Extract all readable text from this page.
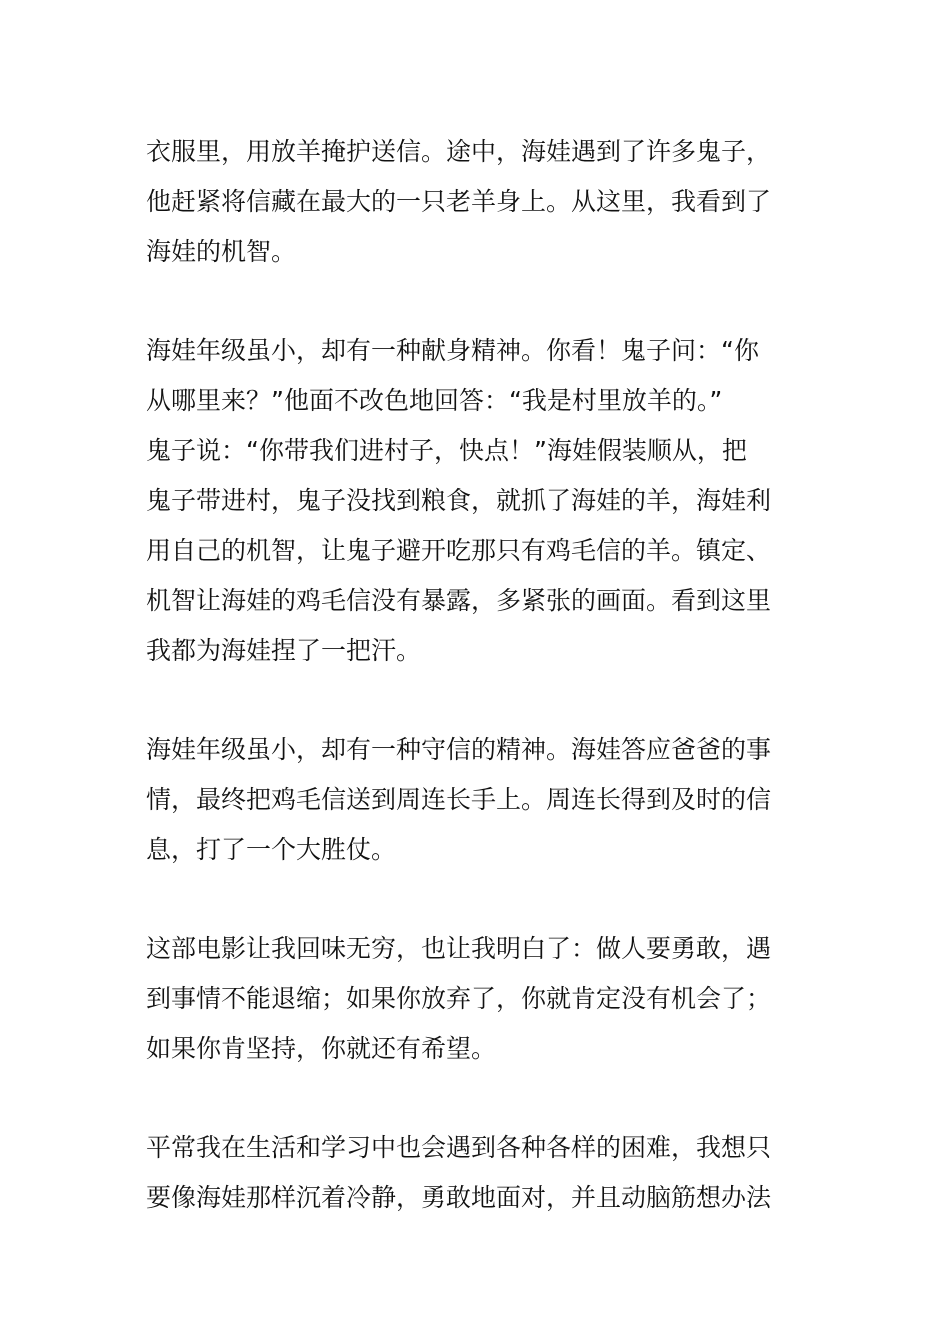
衣服里，用放羊掩护送信。途中，海娃遇到了许多鬼子，
他赶紧将信藏在最大的一只老羊身上。从这里，我看到了
海娃的机智。
海娃年级虽小，却有一种献身精神。你看！鬼子问：“你
从哪里来？”他面不改色地回答：“我是村里放羊的。”
鬼子说：“你带我们进村子，快点！”海娃假装顺从，把
鬼子带进村，鬼子没找到粮食，就抓了海娃的羊，海娃利
用自己的机智，让鬼子避开吃那只有鸡毛信的羊。镇定、
机智让海娃的鸡毛信没有暴露，多紧张的画面。看到这里
我都为海娃捏了一把汗。
海娃年级虽小，却有一种守信的精神。海娃答应爸爸的事
情，最终把鸡毛信送到周连长手上。周连长得到及时的信
息，打了一个大胜仗。
这部电影让我回味无穷，也让我明白了：做人要勇敢，遇
到事情不能退缩；如果你放弃了，你就肯定没有机会了；
如果你肯坚持，你就还有希望。
平常我在生活和学习中也会遇到各种各样的困难，我想只
要像海娃那样沉着冷静，勇敢地面对，并且动脑筋想办法
